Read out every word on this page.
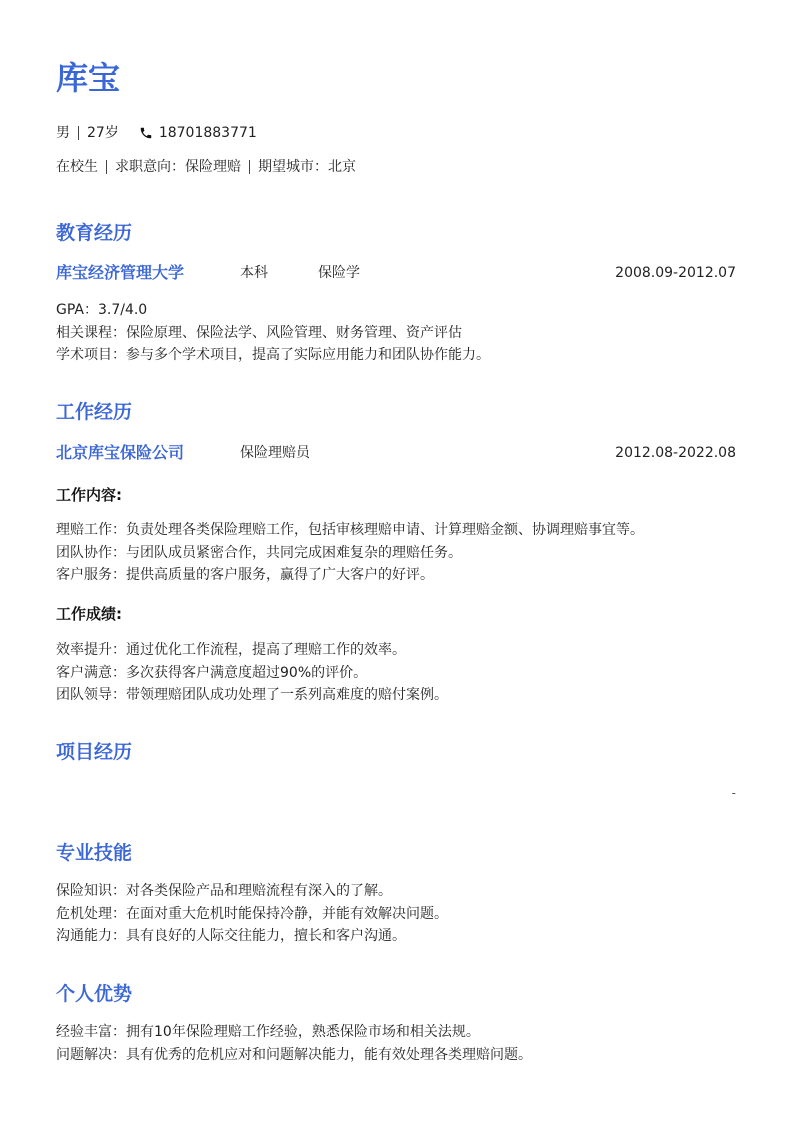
库宝
男 27岁	18701883771
在校生 求职意向：保险理赔 期望城市：北京
教育经历
库宝经济管理大学	本科	保险学	2008.09-2012.07
GPA：3.7/4.0
相关课程：保险原理、保险法学、风险管理、财务管理、资产评估
学术项目：参与多个学术项目，提高了实际应用能力和团队协作能力。
工作经历
北京库宝保险公司	保险理赔员	2012.08-2022.08
工作内容:
理赔工作：负责处理各类保险理赔工作，包括审核理赔申请、计算理赔金额、协调理赔事宜等。
团队协作：与团队成员紧密合作，共同完成困难复杂的理赔任务。
客户服务：提供高质量的客户服务，赢得了广大客户的好评。
工作成绩:
效率提升：通过优化工作流程，提高了理赔工作的效率。
客户满意：多次获得客户满意度超过90%的评价。
团队领导：带领理赔团队成功处理了一系列高难度的赔付案例。
项目经历
-
专业技能
保险知识：对各类保险产品和理赔流程有深入的了解。
危机处理：在面对重大危机时能保持冷静，并能有效解决问题。
沟通能力：具有良好的人际交往能力，擅长和客户沟通。
个人优势
经验丰富：拥有10年保险理赔工作经验，熟悉保险市场和相关法规。
问题解决：具有优秀的危机应对和问题解决能力，能有效处理各类理赔问题。
